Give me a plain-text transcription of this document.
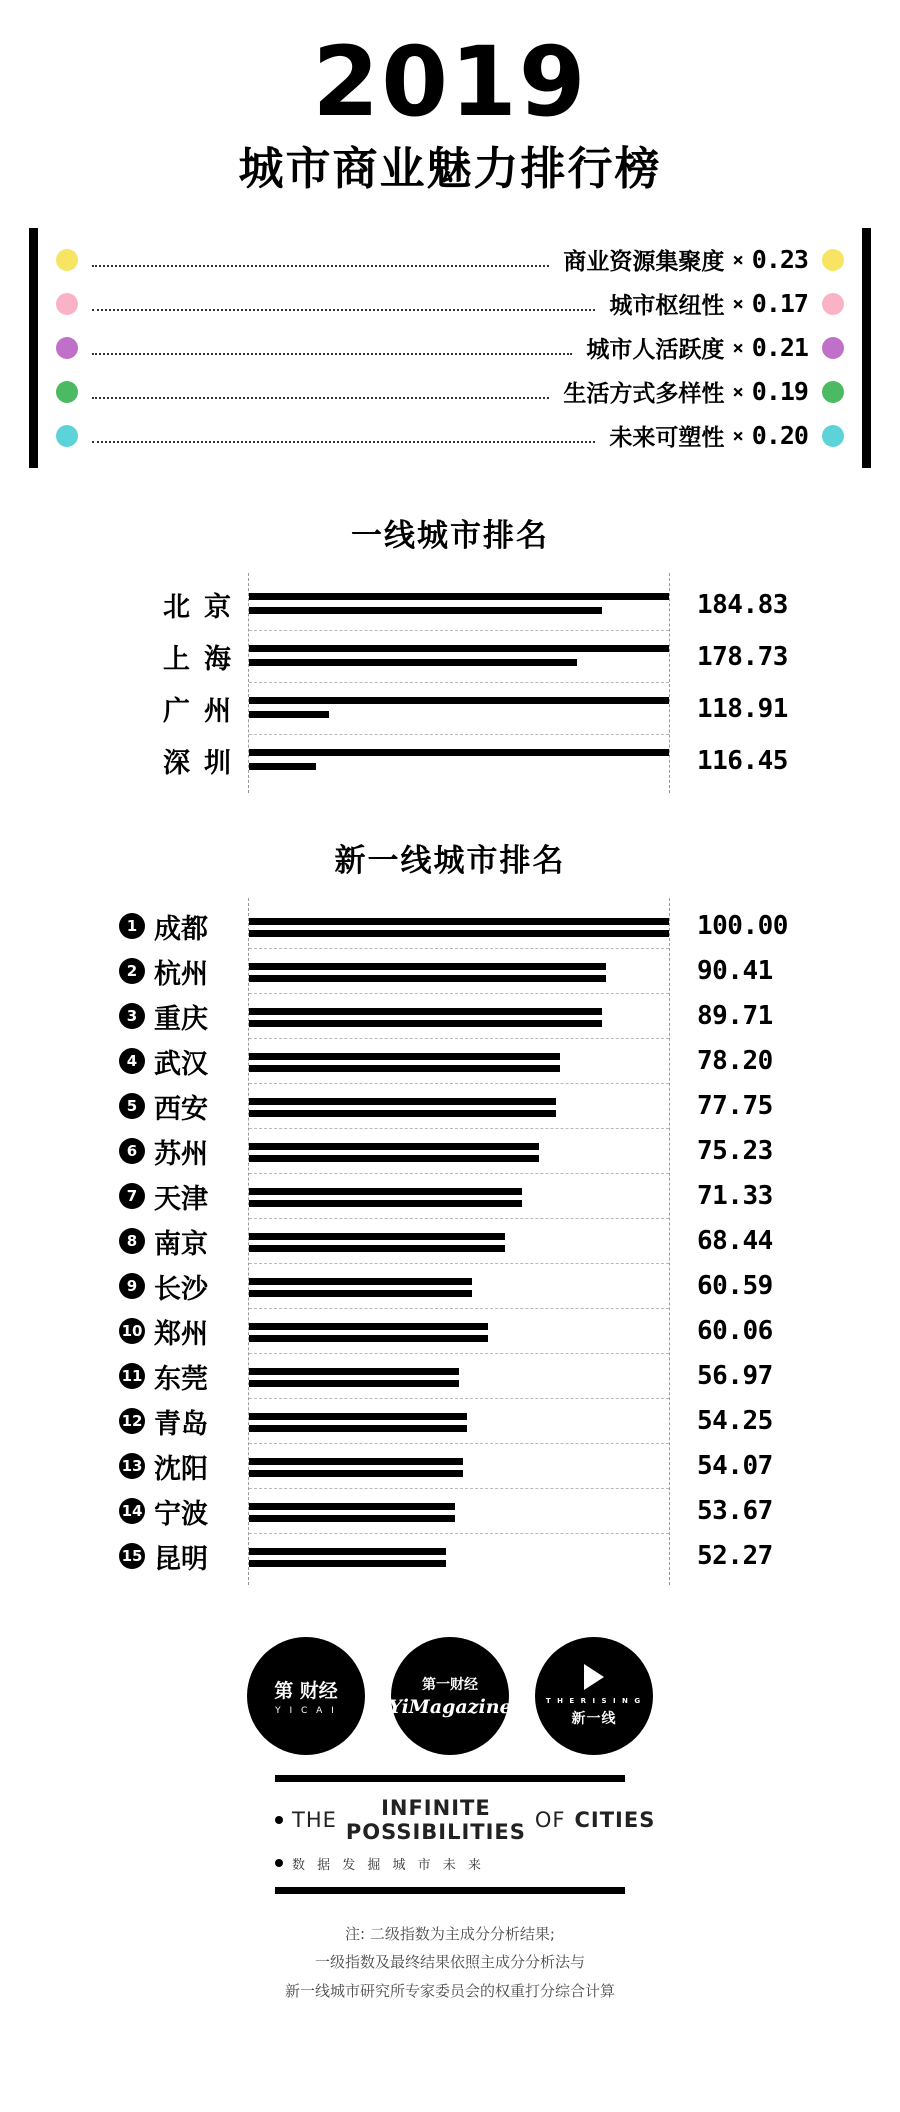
2019
城市商业魅力排行榜
商业资源集聚度 × 0.23
城市枢纽性 × 0.17
城市人活跃度 × 0.21
生活方式多样性 × 0.19
未来可塑性 × 0.20
一线城市排名
北京	184.83
上海	178.73
广州	118.91
深圳	116.45
新一线城市排名
1 成都	100.00
2 杭州	90.41
3 重庆	89.71
4 武汉	78.20
5 西安	77.75
6 苏州	75.23
7 天津	71.33
8 南京	68.44
9 长沙	60.59
10 郑州	60.06
11 东莞	56.97
12 青岛	54.25
13 沈阳	54.07
14 宁波	53.67
15 昆明	52.27
第 财经
Y I C A I
第一财经
YiMagazine	T H E R I S I N G
新一线
THE	INFINITE POSSIBILITIES OF CITIES
数 据 发 掘 城 市 未 来
注: 二级指数为主成分分析结果;
一级指数及最终结果依照主成分分析法与
新一线城市研究所专家委员会的权重打分综合计算
